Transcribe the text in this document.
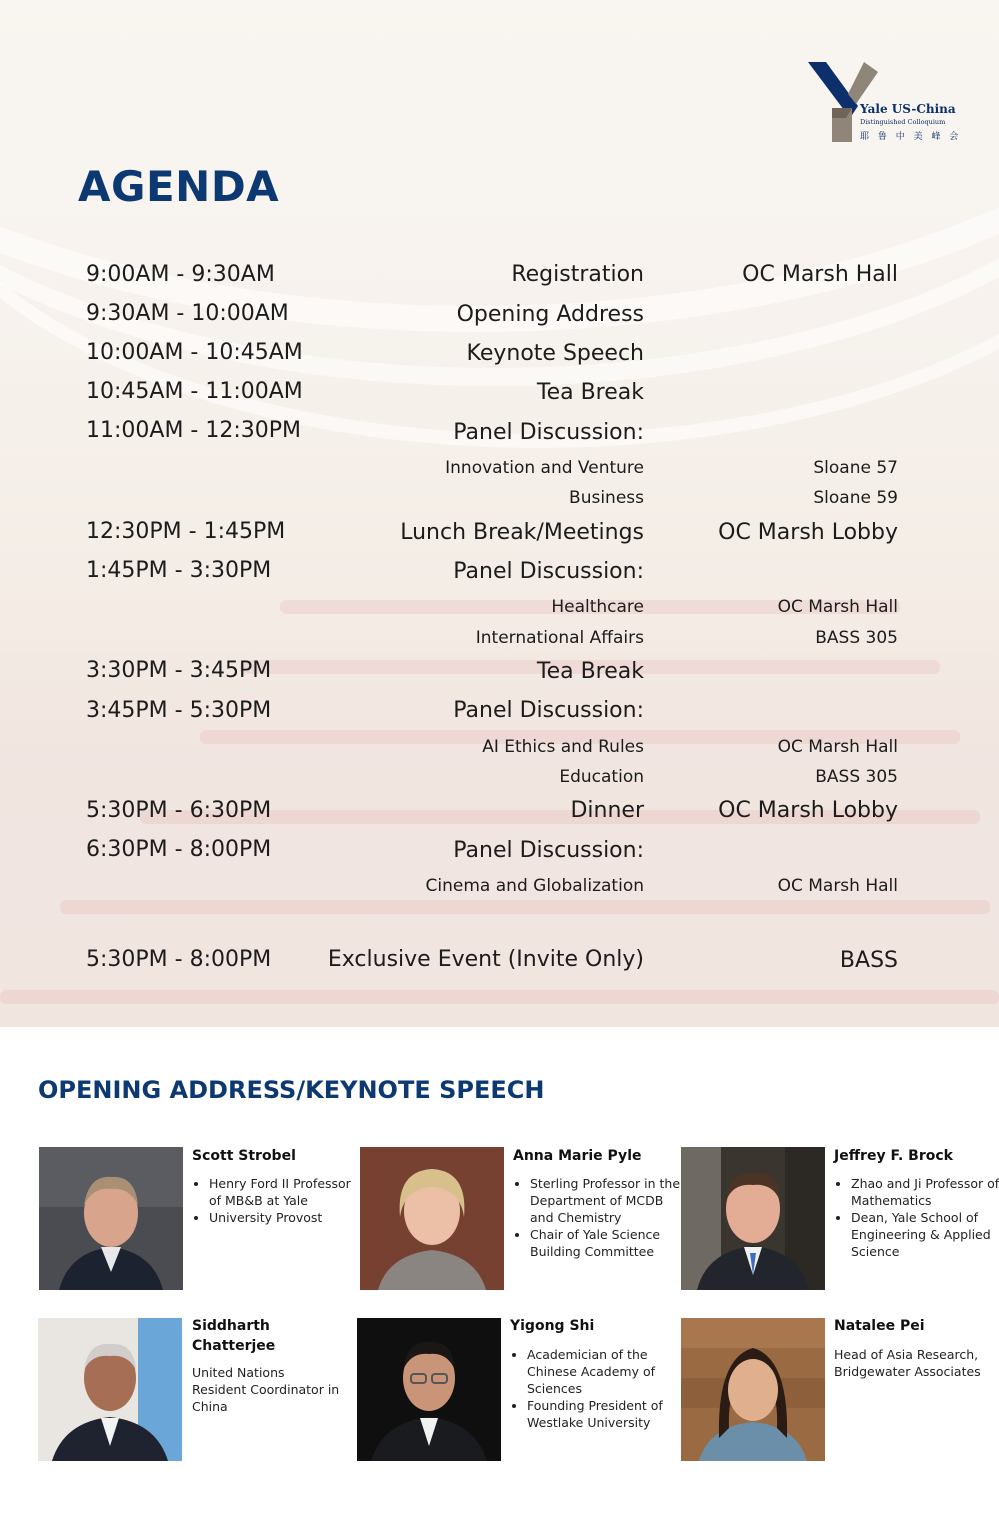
Yale US-China
Distinguished Colloquium
耶 鲁 中 美 峰 会
AGENDA
9:00AM - 9:30AM	Registration	OC Marsh Hall
9:30AM - 10:00AM	Opening Address
10:00AM - 10:45AM	Keynote Speech
10:45AM - 11:00AM	Tea Break
11:00AM - 12:30PM	Panel Discussion:
Innovation and Venture	Sloane 57
Business	Sloane 59
12:30PM - 1:45PM	Lunch Break/Meetings	OC Marsh Lobby
1:45PM - 3:30PM	Panel Discussion:
Healthcare	OC Marsh Hall
International Affairs	BASS 305
3:30PM - 3:45PM	Tea Break
3:45PM - 5:30PM	Panel Discussion:
AI Ethics and Rules	OC Marsh Hall
Education	BASS 305
5:30PM - 6:30PM	Dinner	OC Marsh Lobby
6:30PM - 8:00PM	Panel Discussion:
Cinema and Globalization	OC Marsh Hall
5:30PM - 8:00PM	Exclusive Event (Invite Only)	BASS
OPENING ADDRESS/KEYNOTE SPEECH
Scott Strobel
• Henry Ford II Professor of MB&B at Yale
• University Provost
Anna Marie Pyle
• Sterling Professor in the Department of MCDB and Chemistry
• Chair of Yale Science Building Committee
Jeffrey F. Brock
• Zhao and Ji Professor of Mathematics
• Dean, Yale School of Engineering & Applied Science
Siddharth Chatterjee
United Nations Resident Coordinator in China
Yigong Shi
• Academician of the Chinese Academy of Sciences
• Founding President of Westlake University
Natalee Pei
Head of Asia Research, Bridgewater Associates
